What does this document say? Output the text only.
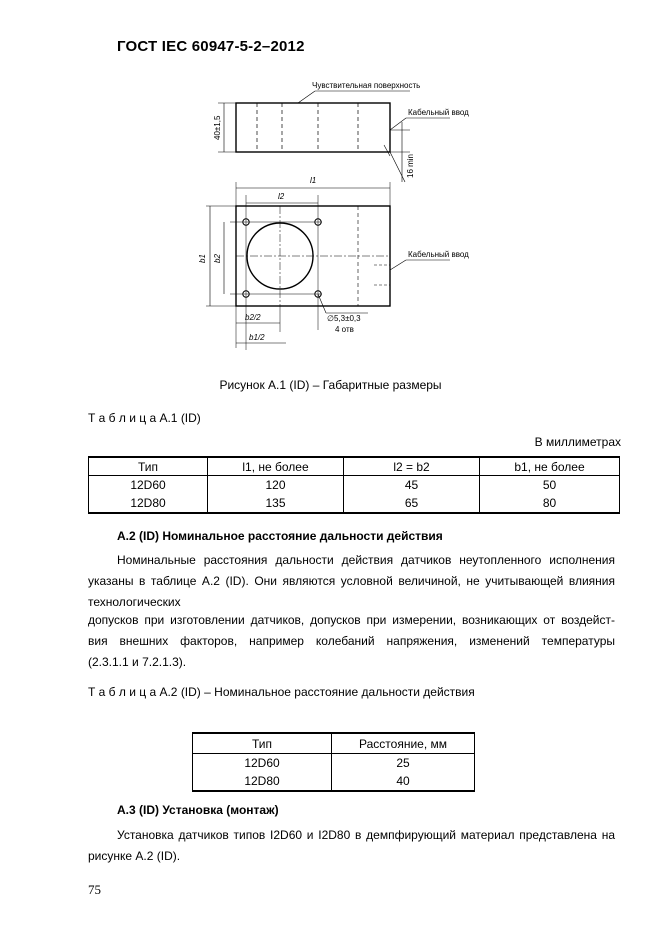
ГОСТ IEC 60947-5-2–2012
Чувствительная поверхность
Кабельный ввод
40±1,5
16 min
l1
l2
b1 b2
b2/2
b1/2
∅5,3±0,3
4 отв
Кабельный ввод
Рисунок А.1 (ID) – Габаритные размеры
Т а б л и ц а А.1 (ID)
В миллиметрах
Тип	l1, не более	l2 = b2	b1, не более
12D60	120	45	50
12D80	135	65	80
А.2 (ID) Номинальное расстояние дальности действия
Номинальные расстояния дальности действия датчиков неутопленного исполнения
указаны в таблице А.2 (ID). Они являются условной величиной, не учитывающей влияния
технологических
допусков при изготовлении датчиков, допусков при измерении, возникающих от воздейст-
вия внешних факторов, например колебаний напряжения, изменений температуры
(2.3.1.1 и 7.2.1.3).
Т а б л и ц а А.2 (ID) – Номинальное расстояние дальности действия
Тип	Расстояние, мм
12D60	25
12D80	40
А.3 (ID) Установка (монтаж)
Установка датчиков типов I2D60 и I2D80 в демпфирующий материал представлена на
рисунке А.2 (ID).
75
